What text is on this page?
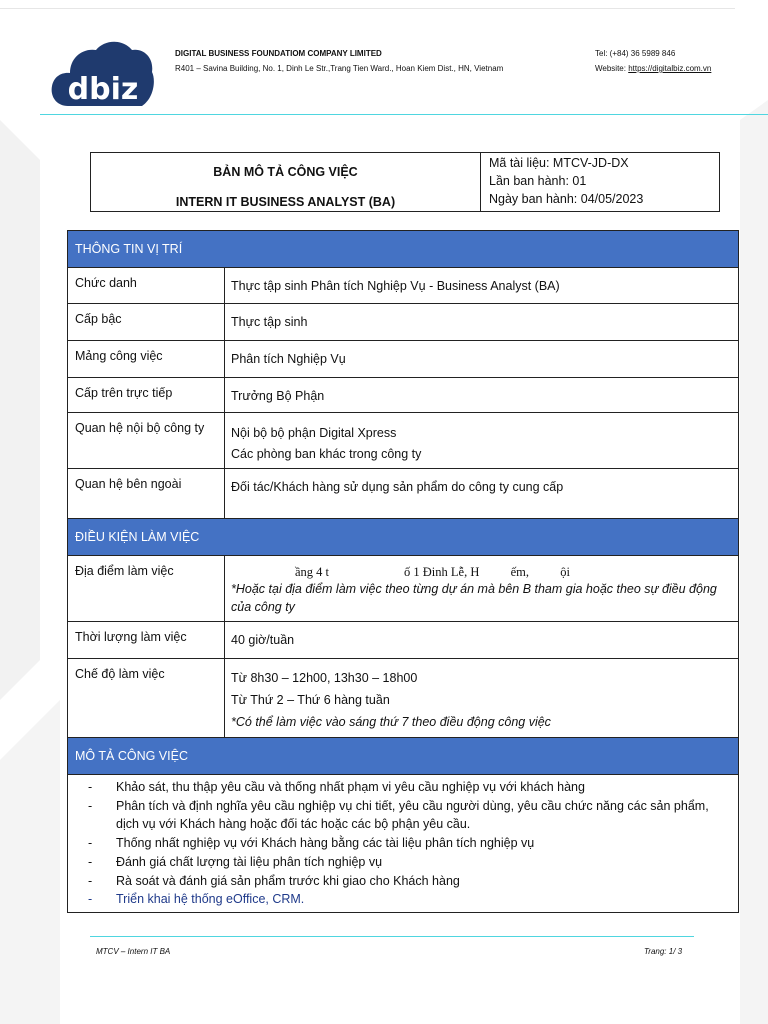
dbiz
DIGITAL BUSINESS FOUNDATIOM COMPANY LIMITED
R401 – Savina Building, No. 1, Dinh Le Str.,Trang Tien Ward., Hoan Kiem Dist., HN, Vietnam
Tel: (+84) 36 5989 846
Website: https://digitalbiz.com.vn
BẢN MÔ TẢ CÔNG VIỆC
INTERN IT BUSINESS ANALYST (BA)
Mã tài liệu: MTCV-JD-DX
Lần ban hành: 01
Ngày ban hành: 04/05/2023
THÔNG TIN VỊ TRÍ
Chức danh	Thực tập sinh Phân tích Nghiệp Vụ - Business Analyst (BA)
Cấp bậc	Thực tập sinh
Mảng công việc	Phân tích Nghiệp Vụ
Cấp trên trực tiếp	Trưởng Bộ Phận
Quan hệ nội bộ công ty	Nội bộ bộ phận Digital Xpress
Các phòng ban khác trong công ty
Quan hệ bên ngoài	Đối tác/Khách hàng sử dụng sản phẩm do công ty cung cấp
ĐIỀU KIỆN LÀM VIỆC
Địa điểm làm việc	ầng 4 t                        ố 1 Đinh Lễ, H          ếm,          ội
*Hoặc tại địa điểm làm việc theo từng dự án mà bên B tham gia hoặc theo sự điều động của công ty
Thời lượng làm việc	40 giờ/tuần
Chế độ làm việc	Từ 8h30 – 12h00, 13h30 – 18h00
Từ Thứ 2 – Thứ 6 hàng tuần
*Có thể làm việc vào sáng thứ 7 theo điều động công việc
MÔ TẢ CÔNG VIỆC
- Khảo sát, thu thập yêu cầu và thống nhất phạm vi yêu cầu nghiệp vụ với khách hàng
- Phân tích và định nghĩa yêu cầu nghiệp vụ chi tiết, yêu cầu người dùng, yêu cầu chức năng các sản phẩm, dịch vụ với Khách hàng hoặc đối tác hoặc các bộ phận yêu cầu.
- Thống nhất nghiệp vụ với Khách hàng bằng các tài liệu phân tích nghiệp vụ
- Đánh giá chất lượng tài liệu phân tích nghiệp vụ
- Rà soát và đánh giá sản phẩm trước khi giao cho Khách hàng
- Triển khai hệ thống eOffice, CRM.
MTCV – Intern IT BA	Trang: 1/ 3
